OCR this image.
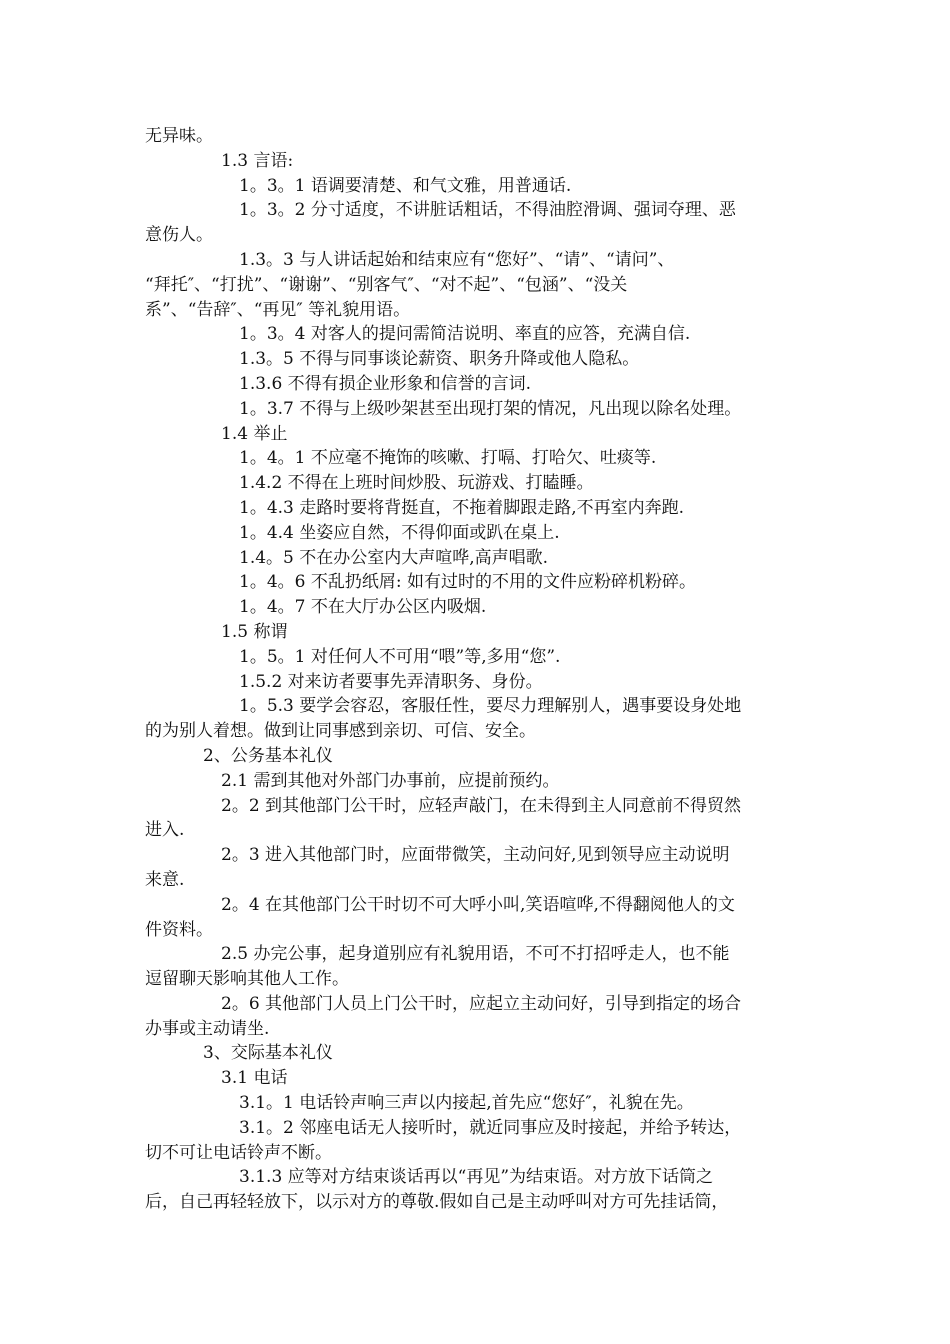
无异味。
1.3 言语:
1。3。1 语调要清楚、和气文雅，用普通话.
1。3。2 分寸适度，不讲脏话粗话，不得油腔滑调、强词夺理、恶
意伤人。
1.3。3 与人讲话起始和结束应有“您好”、“请”、“请问”、
“拜托″、“打扰”、“谢谢”、“别客气″、“对不起”、“包涵”、“没关
系”、“告辞″、“再见″ 等礼貌用语。
1。3。4 对客人的提问需简洁说明、率直的应答，充满自信.
1.3。5 不得与同事谈论薪资、职务升降或他人隐私。
1.3.6 不得有损企业形象和信誉的言词.
1。3.7 不得与上级吵架甚至出现打架的情况，凡出现以除名处理。
1.4 举止
1。4。1 不应毫不掩饰的咳嗽、打嗝、打哈欠、吐痰等.
1.4.2 不得在上班时间炒股、玩游戏、打瞌睡。
1。4.3 走路时要将背挺直，不拖着脚跟走路,不再室内奔跑.
1。4.4 坐姿应自然，不得仰面或趴在桌上.
1.4。5 不在办公室内大声喧哗,高声唱歌.
1。4。6 不乱扔纸屑: 如有过时的不用的文件应粉碎机粉碎。
1。4。7 不在大厅办公区内吸烟.
1.5 称谓
1。5。1 对任何人不可用“喂”等,多用“您”.
1.5.2 对来访者要事先弄清职务、身份。
1。5.3 要学会容忍，客服任性，要尽力理解别人，遇事要设身处地
的为别人着想。做到让同事感到亲切、可信、安全。
2、公务基本礼仪
2.1 需到其他对外部门办事前，应提前预约。
2。2 到其他部门公干时，应轻声敲门，在未得到主人同意前不得贸然
进入.
2。3 进入其他部门时，应面带微笑，主动问好,见到领导应主动说明
来意.
2。4 在其他部门公干时切不可大呼小叫,笑语喧哗,不得翻阅他人的文
件资料。
2.5 办完公事，起身道别应有礼貌用语，不可不打招呼走人，也不能
逗留聊天影响其他人工作。
2。6 其他部门人员上门公干时，应起立主动问好，引导到指定的场合
办事或主动请坐.
3、交际基本礼仪
3.1 电话
3.1。1 电话铃声响三声以内接起,首先应“您好″，礼貌在先。
3.1。2 邻座电话无人接听时，就近同事应及时接起，并给予转达，
切不可让电话铃声不断。
3.1.3 应等对方结束谈话再以“再见”为结束语。对方放下话筒之
后，自己再轻轻放下，以示对方的尊敬.假如自己是主动呼叫对方可先挂话筒，
